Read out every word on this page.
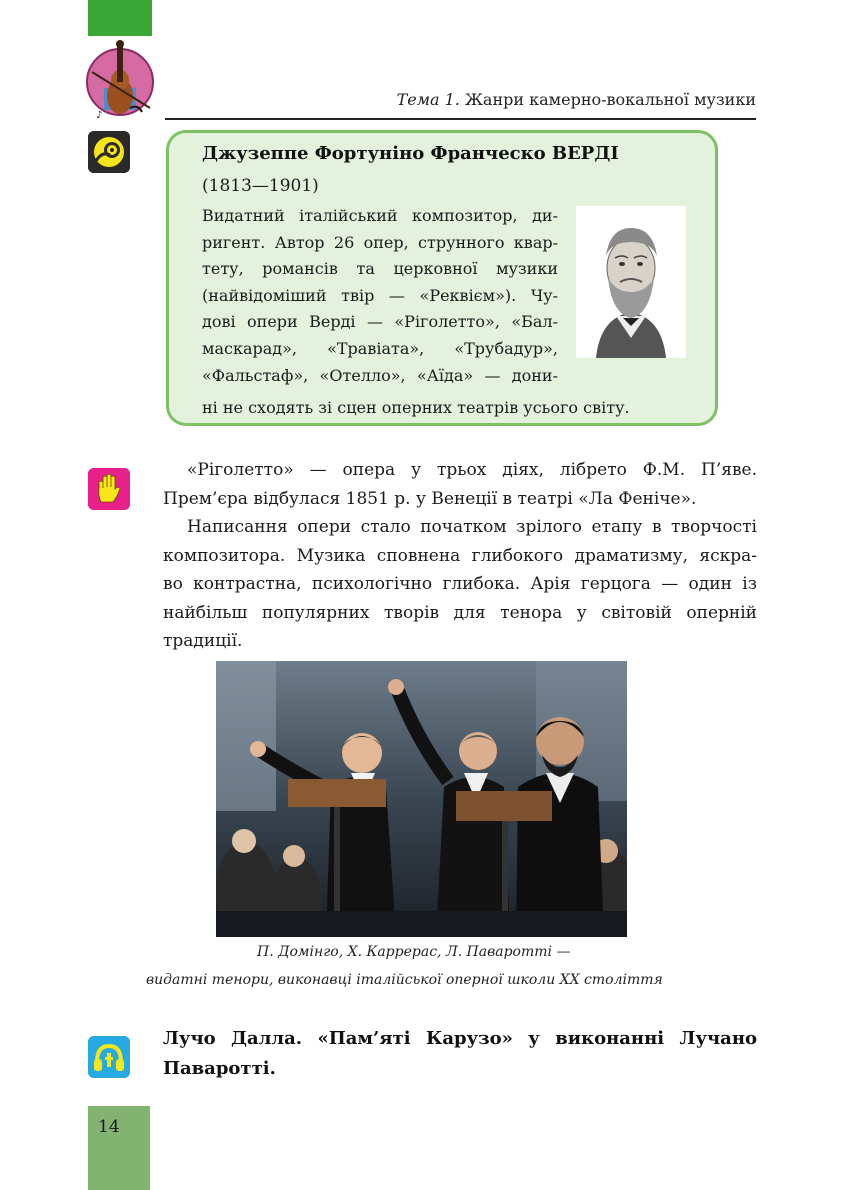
♪
Тема 1. Жанри камерно-вокальної музики
Джузеппе Фортуніно Франческо ВЕРДІ
(1813—1901)
Видатний італійський композитор, ди-
ригент. Автор 26 опер, струнного квар-
тету, романсів та церковної музики
(найвідоміший твір — «Реквієм»). Чу-
дові опери Верді — «Ріголетто», «Бал-
маскарад», «Травіата», «Трубадур»,
«Фальстаф», «Отелло», «Аїда» — дони-
ні не сходять зі сцен оперних театрів усього світу.
«Ріголетто» — опера у трьох діях, лібрето Ф.М. П’яве.
Прем’єра відбулася 1851 р. у Венеції в театрі «Ла Феніче».
Написання опери стало початком зрілого етапу в творчості
композитора. Музика сповнена глибокого драматизму, яскра-
во контрастна, психологічно глибока. Арія герцога — один із
найбільш популярних творів для тенора у світовій оперній
традиції.
П. Домінго, Х. Каррерас, Л. Паваротті —
видатні тенори, виконавці італійської оперної школи XX століття
Лучо Далла. «Пам’яті Карузо» у виконанні Лучано
Паваротті.
14
